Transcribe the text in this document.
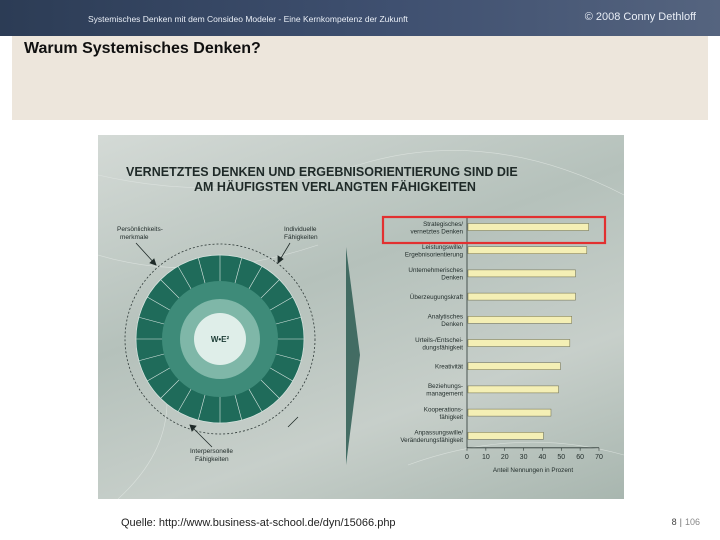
Systemisches Denken mit dem Consideo Modeler - Eine Kernkompetenz der Zukunft	© 2008 Conny Dethloff
Warum Systemisches Denken?
VERNETZTES DENKEN UND ERGEBNISORIENTIERUNG SIND DIE
AM HÄUFIGSTEN VERLANGTEN FÄHIGKEITEN
W•E²
Persönlichkeits-
merkmale
Individuelle
Fähigkeiten
Interpersonelle
Fähigkeiten
Strategisches/
vernetztes Denken
Leistungswille/
Ergebnisorientierung
Unternehmerisches
Denken
Überzeugungskraft
Analytisches
Denken
Urteils-/Entschei-
dungsfähigkeit
Kreativität
Beziehungs-
management
Kooperations-
fähigkeit
Anpassungswille/
Veränderungsfähigkeit
0 10 20 30 40 50 60 70
Anteil Nennungen in Prozent
Quelle: http://www.business-at-school.de/dyn/15066.php	8 | 106
